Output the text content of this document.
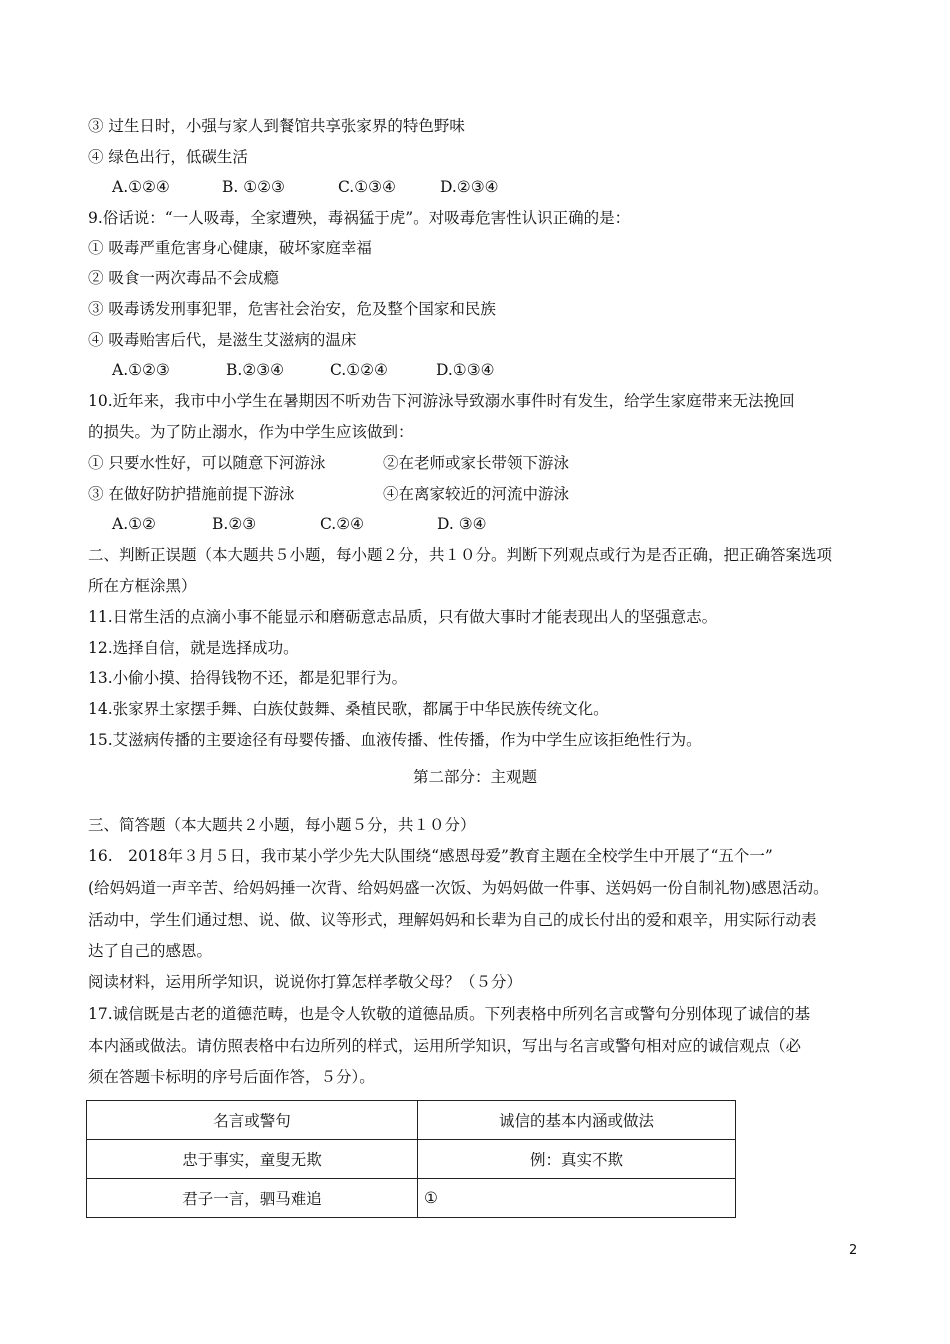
③ 过生日时，小强与家人到餐馆共享张家界的特色野味
④ 绿色出行，低碳生活
A.①②④	B. ①②③	C.①③④	D.②③④
9.俗话说：“一人吸毒，全家遭殃，毒祸猛于虎”。对吸毒危害性认识正确的是：
① 吸毒严重危害身心健康，破坏家庭幸福
② 吸食一两次毒品不会成瘾
③ 吸毒诱发刑事犯罪，危害社会治安，危及整个国家和民族
④ 吸毒贻害后代，是滋生艾滋病的温床
A.①②③	B.②③④	C.①②④	D.①③④
10.近年来，我市中小学生在暑期因不听劝告下河游泳导致溺水事件时有发生，给学生家庭带来无法挽回
的损失。为了防止溺水，作为中学生应该做到：
① 只要水性好，可以随意下河游泳	②在老师或家长带领下游泳
③ 在做好防护措施前提下游泳	④在离家较近的河流中游泳
A.①②	B.②③	C.②④	D. ③④
二、判断正误题（本大题共５小题，每小题２分，共１０分。判断下列观点或行为是否正确，把正确答案选项
所在方框涂黑）
11.日常生活的点滴小事不能显示和磨砺意志品质，只有做大事时才能表现出人的坚强意志。
12.选择自信，就是选择成功。
13.小偷小摸、拾得钱物不还，都是犯罪行为。
14.张家界土家摆手舞、白族仗鼓舞、桑植民歌，都属于中华民族传统文化。
15.艾滋病传播的主要途径有母婴传播、血液传播、性传播，作为中学生应该拒绝性行为。
第二部分：主观题
三、简答题（本大题共２小题，每小题５分，共１０分）
16.　2018年３月５日，我市某小学少先大队围绕“感恩母爱”教育主题在全校学生中开展了“五个一”
(给妈妈道一声辛苦、给妈妈捶一次背、给妈妈盛一次饭、为妈妈做一件事、送妈妈一份自制礼物)感恩活动。
活动中，学生们通过想、说、做、议等形式，理解妈妈和长辈为自己的成长付出的爱和艰辛，用实际行动表
达了自己的感恩。
阅读材料，运用所学知识，说说你打算怎样孝敬父母？（５分）
17.诚信既是古老的道德范畴，也是令人钦敬的道德品质。下列表格中所列名言或警句分别体现了诚信的基
本内涵或做法。请仿照表格中右边所列的样式，运用所学知识，写出与名言或警句相对应的诚信观点（必
须在答题卡标明的序号后面作答，５分）。
名言或警句	诚信的基本内涵或做法
忠于事实，童叟无欺	例：真实不欺
君子一言，驷马难追	①
2
